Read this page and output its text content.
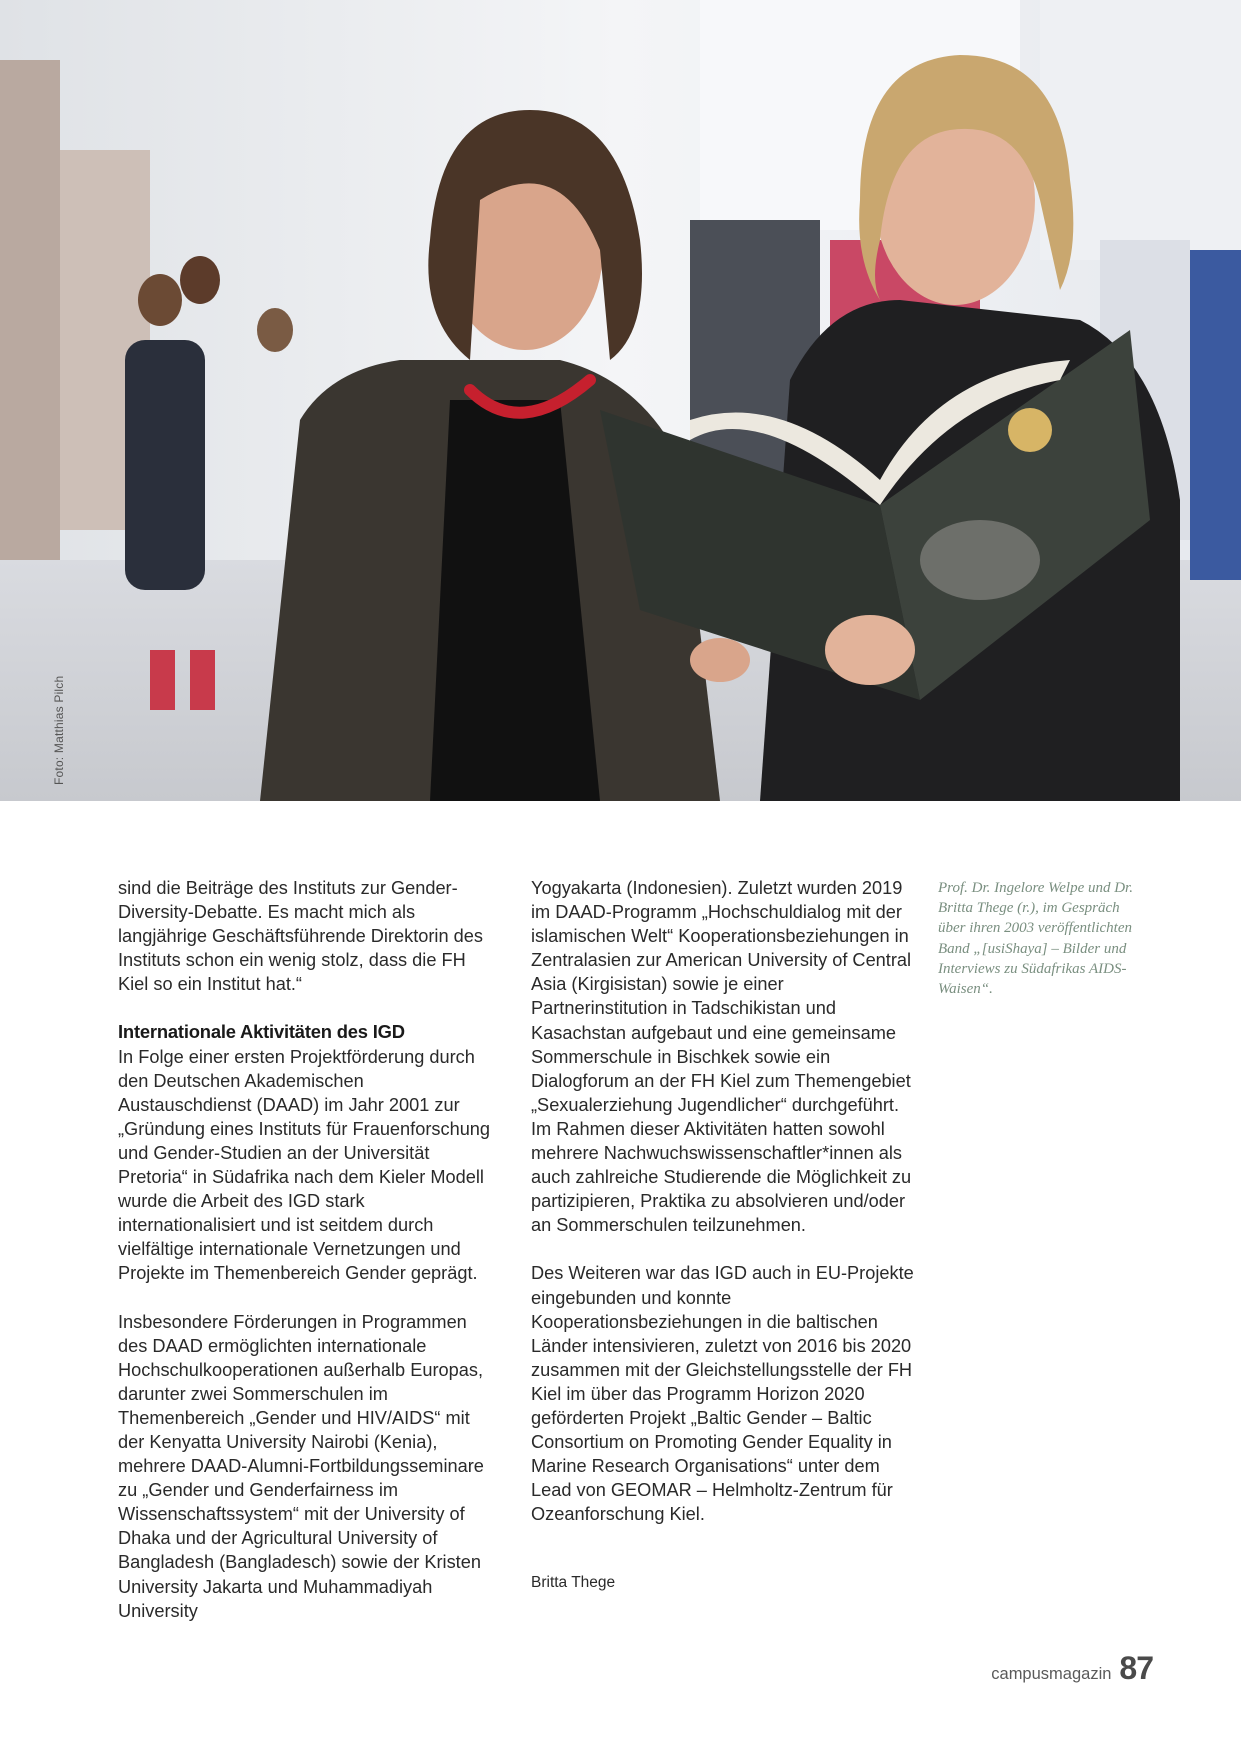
Foto: Matthias Pilch

sind die Beiträge des Instituts zur Gender-Diversity-Debatte. Es macht mich als langjährige Geschäftsführende Direktorin des Instituts schon ein wenig stolz, dass die FH Kiel so ein Institut hat.“

Internationale Aktivitäten des IGD

In Folge einer ersten Projektförderung durch den Deutschen Akademischen Austauschdienst (DAAD) im Jahr 2001 zur „Gründung eines Instituts für Frauenforschung und Gender-Studien an der Universität Pretoria“ in Südafrika nach dem Kieler Modell wurde die Arbeit des IGD stark internationalisiert und ist seitdem durch vielfältige internationale Vernetzungen und Projekte im Themenbereich Gender geprägt.

Insbesondere Förderungen in Programmen des DAAD ermöglichten internationale Hochschulkooperationen außerhalb Europas, darunter zwei Sommerschulen im Themenbereich „Gender und HIV/AIDS“ mit der Kenyatta University Nairobi (Kenia), mehrere DAAD-Alumni-Fortbildungsseminare zu „Gender und Genderfairness im Wissenschaftssystem“ mit der University of Dhaka und der Agricultural University of Bangladesh (Bangladesch) sowie der Kristen University Jakarta und Muhammadiyah University

Yogyakarta (Indonesien). Zuletzt wurden 2019 im DAAD-Programm „Hochschuldialog mit der islamischen Welt“ Kooperationsbeziehungen in Zentralasien zur American University of Central Asia (Kirgisistan) sowie je einer Partnerinstitution in Tadschikistan und Kasachstan aufgebaut und eine gemeinsame Sommerschule in Bischkek sowie ein Dialogforum an der FH Kiel zum Themengebiet „Sexualerziehung Jugendlicher“ durchgeführt. Im Rahmen dieser Aktivitäten hatten sowohl mehrere Nachwuchswissenschaftler*innen als auch zahlreiche Studierende die Möglichkeit zu partizipieren, Praktika zu absolvieren und/oder an Sommerschulen teilzunehmen.

Des Weiteren war das IGD auch in EU-Projekte eingebunden und konnte Kooperationsbeziehungen in die baltischen Länder intensivieren, zuletzt von 2016 bis 2020 zusammen mit der Gleichstellungsstelle der FH Kiel im über das Programm Horizon 2020 geförderten Projekt „Baltic Gender – Baltic Consortium on Promoting Gender Equality in Marine Research Organisations“ unter dem Lead von GEOMAR – Helmholtz-Zentrum für Ozeanforschung Kiel.

Britta Thege
Prof. Dr. Ingelore Welpe und Dr. Britta Thege (r.), im Gespräch über ihren 2003 veröffentlichten Band „[usiShaya] – Bilder und Interviews zu Südafrikas AIDS-Waisen“.
campusmagazin 87
